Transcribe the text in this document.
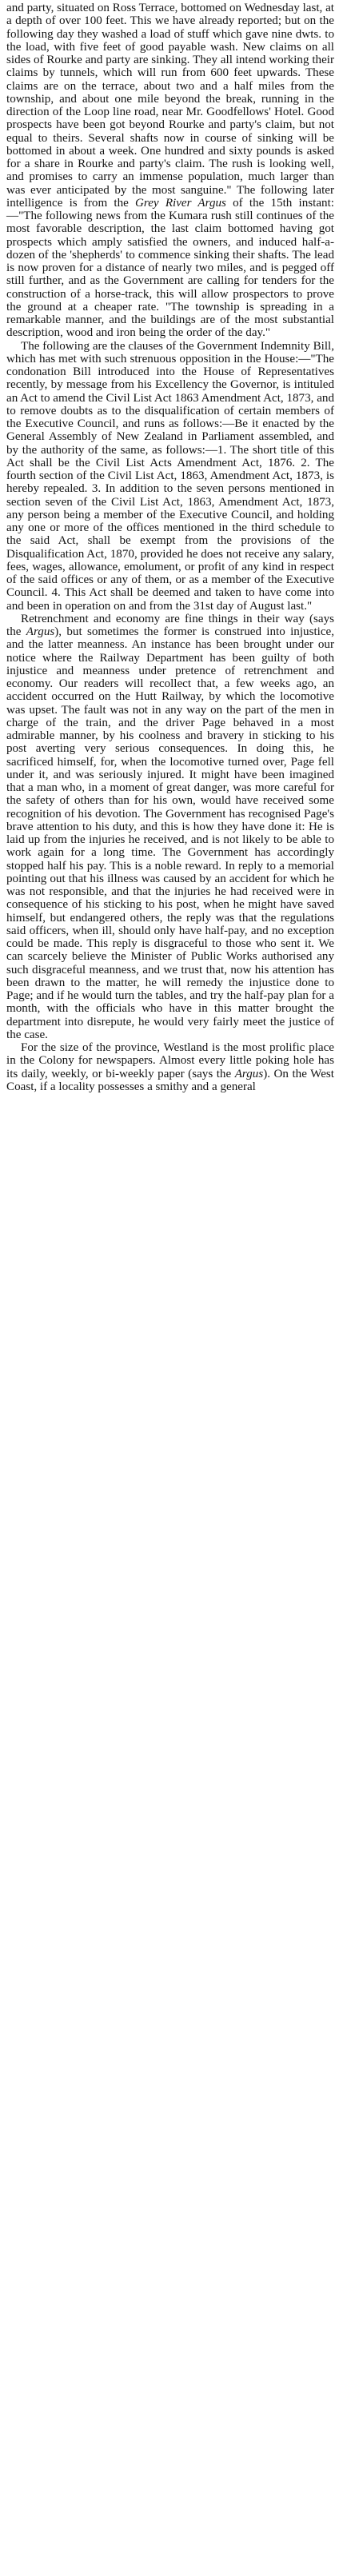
and party, situated on Ross Terrace, bottomed on Wednesday last, at a depth of over 100 feet. This we have already reported; but on the following day they washed a load of stuff which gave nine dwts. to the load, with five feet of good payable wash. New claims on all sides of Rourke and party are sinking. They all intend working their claims by tunnels, which will run from 600 feet upwards. These claims are on the terrace, about two and a half miles from the township, and about one mile beyond the break, running in the direction of the Loop line road, near Mr. Goodfellows' Hotel. Good prospects have been got beyond Rourke and party's claim, but not equal to theirs. Several shafts now in course of sinking will be bottomed in about a week. One hundred and sixty pounds is asked for a share in Rourke and party's claim. The rush is looking well, and promises to carry an immense population, much larger than was ever anticipated by the most sanguine." The following later intelligence is from the Grey River Argus of the 15th instant:—"The following news from the Kumara rush still continues of the most favorable description, the last claim bottomed having got prospects which amply satisfied the owners, and induced half-a-dozen of the 'shepherds' to commence sinking their shafts. The lead is now proven for a distance of nearly two miles, and is pegged off still further, and as the Government are calling for tenders for the construction of a horse-track, this will allow prospectors to prove the ground at a cheaper rate. "The township is spreading in a remarkable manner, and the buildings are of the most substantial description, wood and iron being the order of the day."

The following are the clauses of the Government Indemnity Bill, which has met with such strenuous opposition in the House:—"The condonation Bill introduced into the House of Representatives recently, by message from his Excellency the Governor, is intituled an Act to amend the Civil List Act 1863 Amendment Act, 1873, and to remove doubts as to the disqualification of certain members of the Executive Council, and runs as follows:—Be it enacted by the General Assembly of New Zealand in Parliament assembled, and by the authority of the same, as follows:—1. The short title of this Act shall be the Civil List Acts Amendment Act, 1876. 2. The fourth section of the Civil List Act, 1863, Amendment Act, 1873, is hereby repealed. 3. In addition to the seven persons mentioned in section seven of the Civil List Act, 1863, Amendment Act, 1873, any person being a member of the Executive Council, and holding any one or more of the offices mentioned in the third schedule to the said Act, shall be exempt from the provisions of the Disqualification Act, 1870, provided he does not receive any salary, fees, wages, allowance, emolument, or profit of any kind in respect of the said offices or any of them, or as a member of the Executive Council. 4. This Act shall be deemed and taken to have come into and been in operation on and from the 31st day of August last."

Retrenchment and economy are fine things in their way (says the Argus), but sometimes the former is construed into injustice, and the latter meanness. An instance has been brought under our notice where the Railway Department has been guilty of both injustice and meanness under pretence of retrenchment and economy. Our readers will recollect that, a few weeks ago, an accident occurred on the Hutt Railway, by which the locomotive was upset. The fault was not in any way on the part of the men in charge of the train, and the driver Page behaved in a most admirable manner, by his coolness and bravery in sticking to his post averting very serious consequences. In doing this, he sacrificed himself, for, when the locomotive turned over, Page fell under it, and was seriously injured. It might have been imagined that a man who, in a moment of great danger, was more careful for the safety of others than for his own, would have received some recognition of his devotion. The Government has recognised Page's brave attention to his duty, and this is how they have done it: He is laid up from the injuries he received, and is not likely to be able to work again for a long time. The Government has accordingly stopped half his pay. This is a noble reward. In reply to a memorial pointing out that his illness was caused by an accident for which he was not responsible, and that the injuries he had received were in consequence of his sticking to his post, when he might have saved himself, but endangered others, the reply was that the regulations said officers, when ill, should only have half-pay, and no exception could be made. This reply is disgraceful to those who sent it. We can scarcely believe the Minister of Public Works authorised any such disgraceful meanness, and we trust that, now his attention has been drawn to the matter, he will remedy the injustice done to Page; and if he would turn the tables, and try the half-pay plan for a month, with the officials who have in this matter brought the department into disrepute, he would very fairly meet the justice of the case.

For the size of the province, Westland is the most prolific place in the Colony for newspapers. Almost every little poking hole has its daily, weekly, or bi-weekly paper (says the Argus). On the West Coast, if a locality possesses a smithy and a general
